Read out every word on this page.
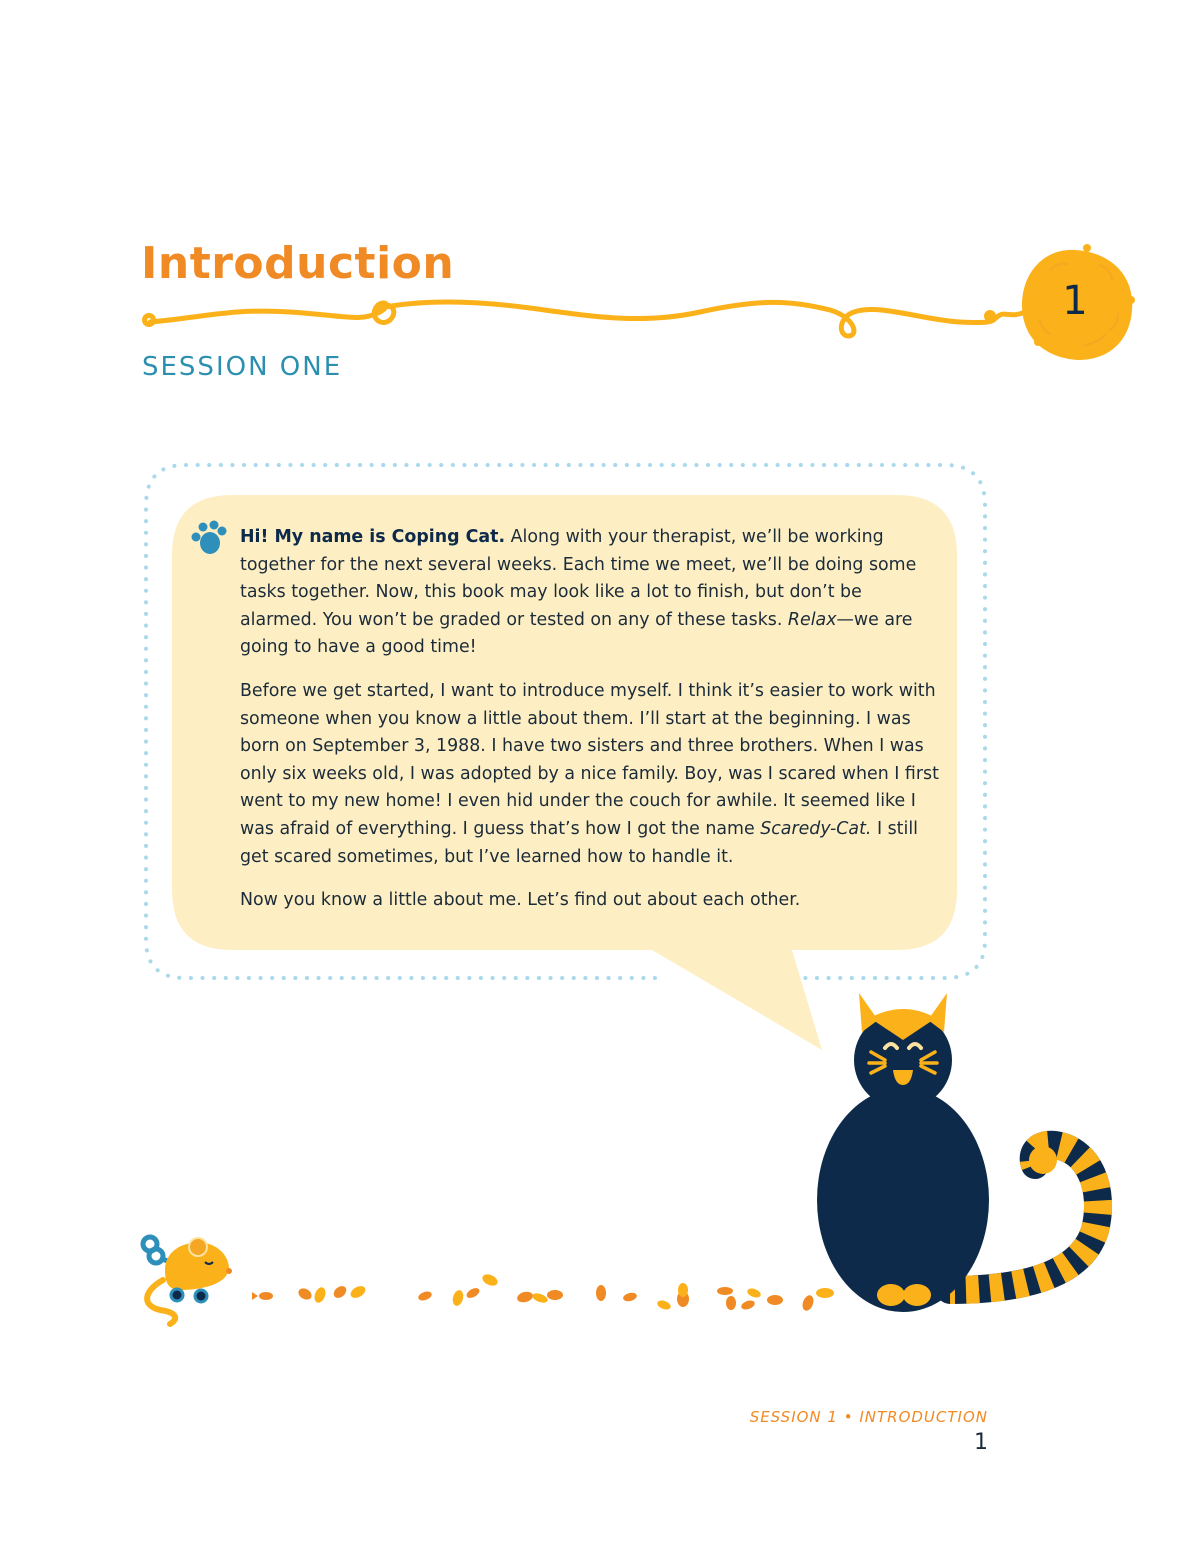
Introduction
SESSION ONE
1

Hi! My name is Coping Cat. Along with your therapist, we’ll be working together for the next several weeks. Each time we meet, we’ll be doing some tasks together. Now, this book may look like a lot to finish, but don’t be alarmed. You won’t be graded or tested on any of these tasks. Relax—we are going to have a good time!

Before we get started, I want to introduce myself. I think it’s easier to work with someone when you know a little about them. I’ll start at the beginning. I was born on September 3, 1988. I have two sisters and three brothers. When I was only six weeks old, I was adopted by a nice family. Boy, was I scared when I first went to my new home! I even hid under the couch for awhile. It seemed like I was afraid of everything. I guess that’s how I got the name Scaredy-Cat. I still get scared sometimes, but I’ve learned how to handle it.

Now you know a little about me. Let’s find out about each other.

SESSION 1 • INTRODUCTION
1
